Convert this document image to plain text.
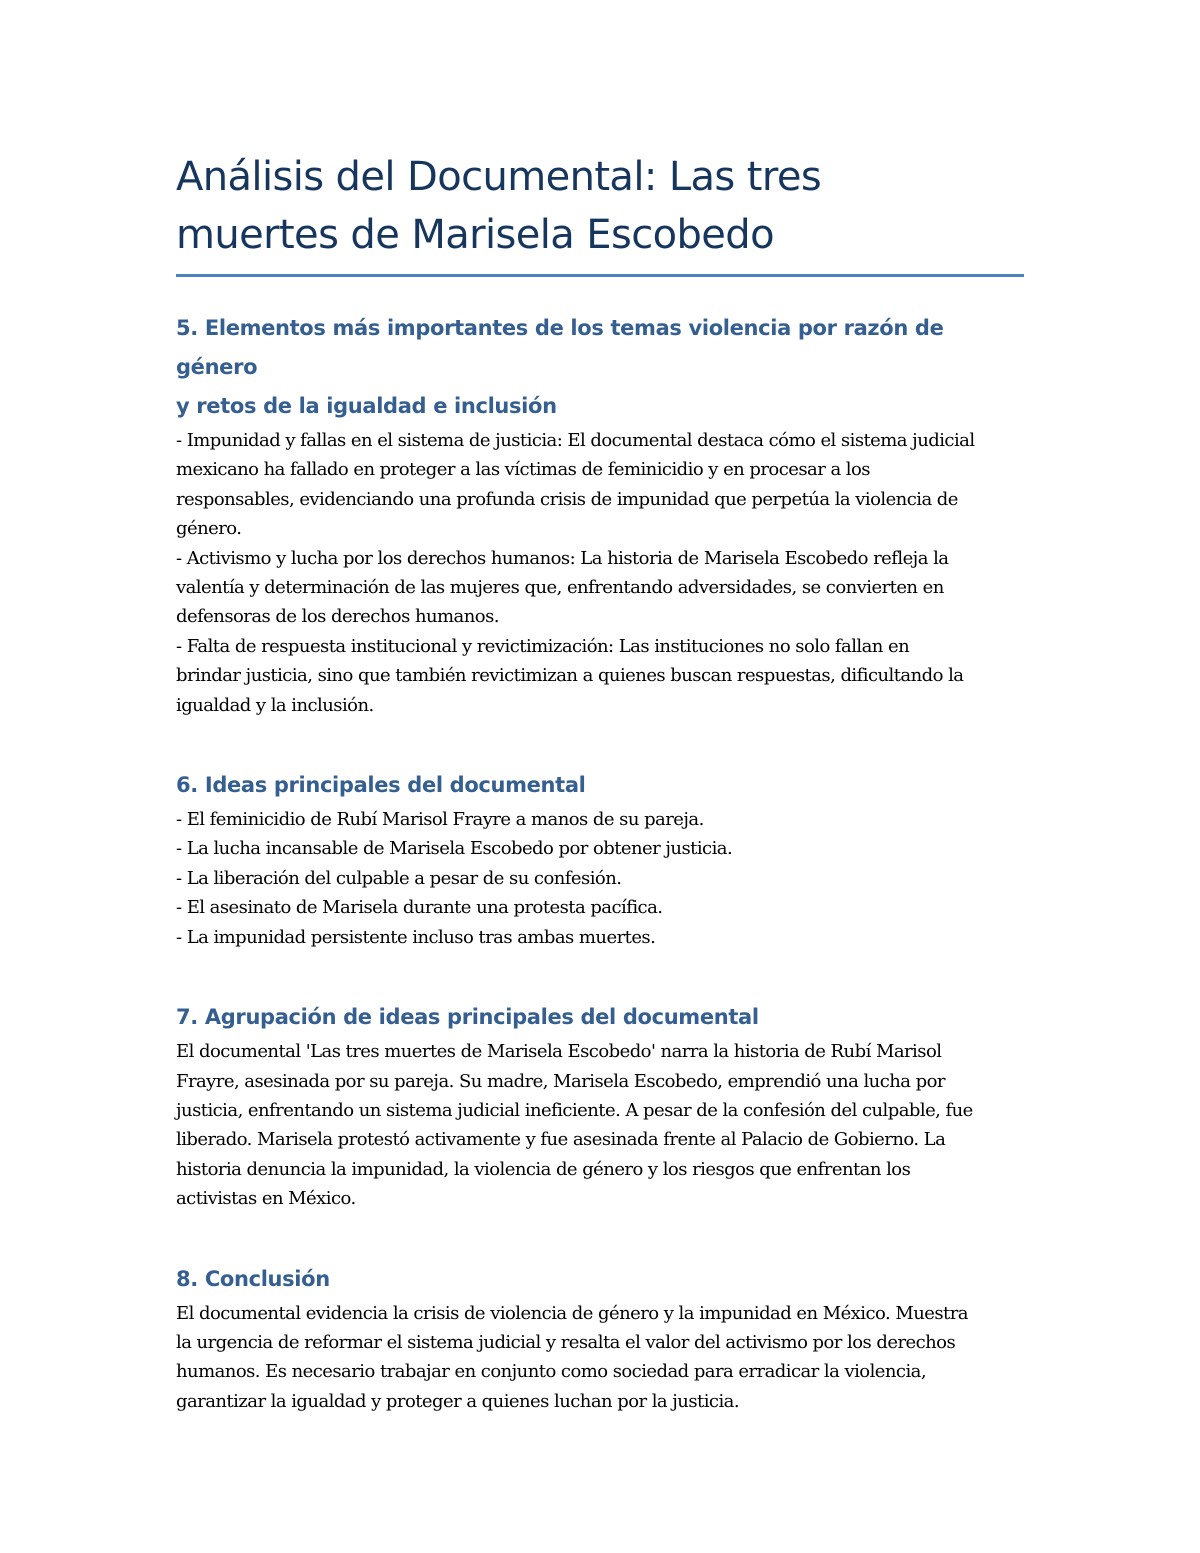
Análisis del Documental: Las tres
muertes de Marisela Escobedo
5. Elementos más importantes de los temas violencia por razón de género
y retos de la igualdad e inclusión

- Impunidad y fallas en el sistema de justicia: El documental destaca cómo el sistema judicial
mexicano ha fallado en proteger a las víctimas de feminicidio y en procesar a los
responsables, evidenciando una profunda crisis de impunidad que perpetúa la violencia de
género.
- Activismo y lucha por los derechos humanos: La historia de Marisela Escobedo refleja la
valentía y determinación de las mujeres que, enfrentando adversidades, se convierten en
defensoras de los derechos humanos.
- Falta de respuesta institucional y revictimización: Las instituciones no solo fallan en
brindar justicia, sino que también revictimizan a quienes buscan respuestas, dificultando la
igualdad y la inclusión.

6. Ideas principales del documental

- El feminicidio de Rubí Marisol Frayre a manos de su pareja.
- La lucha incansable de Marisela Escobedo por obtener justicia.
- La liberación del culpable a pesar de su confesión.
- El asesinato de Marisela durante una protesta pacífica.
- La impunidad persistente incluso tras ambas muertes.

7. Agrupación de ideas principales del documental

El documental 'Las tres muertes de Marisela Escobedo' narra la historia de Rubí Marisol
Frayre, asesinada por su pareja. Su madre, Marisela Escobedo, emprendió una lucha por
justicia, enfrentando un sistema judicial ineficiente. A pesar de la confesión del culpable, fue
liberado. Marisela protestó activamente y fue asesinada frente al Palacio de Gobierno. La
historia denuncia la impunidad, la violencia de género y los riesgos que enfrentan los
activistas en México.

8. Conclusión

El documental evidencia la crisis de violencia de género y la impunidad en México. Muestra
la urgencia de reformar el sistema judicial y resalta el valor del activismo por los derechos
humanos. Es necesario trabajar en conjunto como sociedad para erradicar la violencia,
garantizar la igualdad y proteger a quienes luchan por la justicia.
